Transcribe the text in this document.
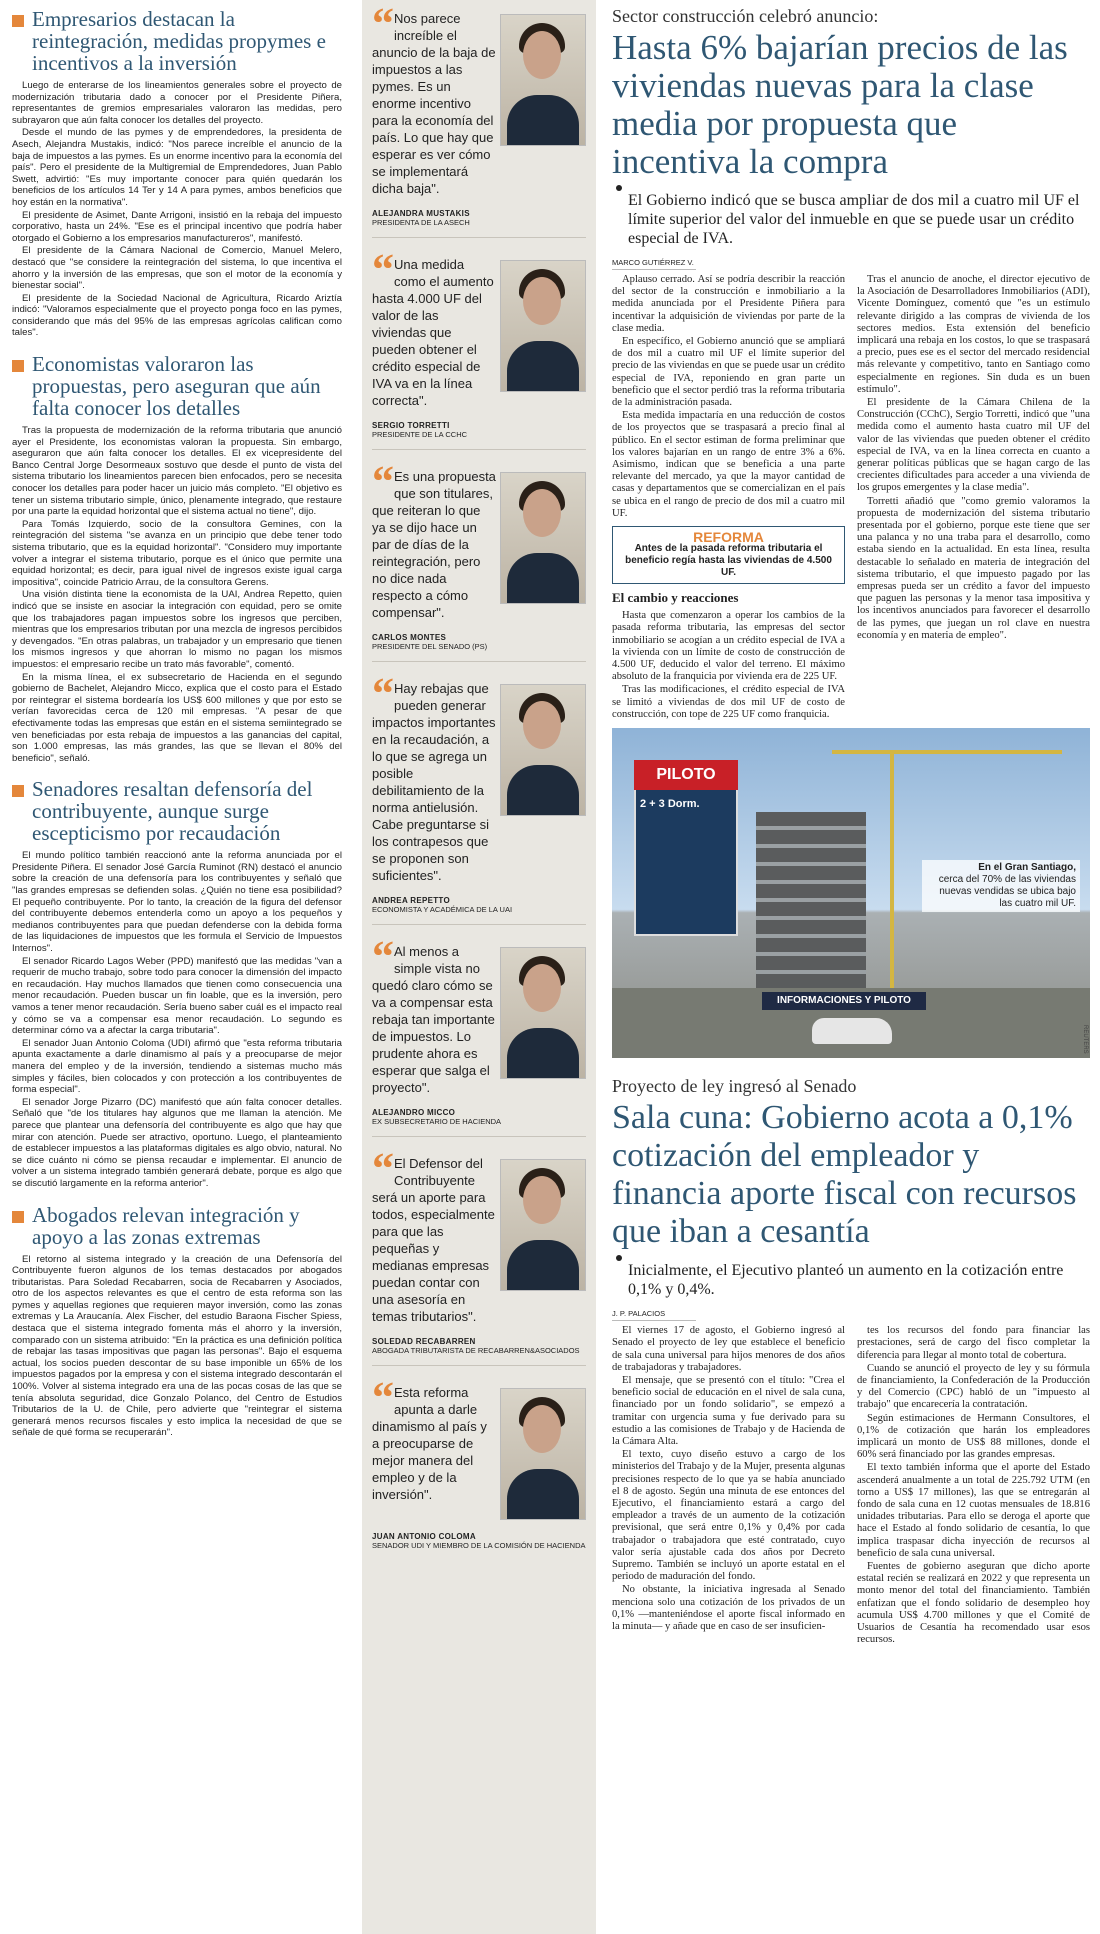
Empresarios destacan la reintegración, medidas propymes e incentivos a la inversión

Luego de enterarse de los lineamientos generales sobre el proyecto de modernización tributaria dado a conocer por el Presidente Piñera, representantes de gremios empresariales valoraron las medidas, pero subrayaron que aún falta conocer los detalles del proyecto.

Desde el mundo de las pymes y de emprendedores, la presidenta de Asech, Alejandra Mustakis, indicó: "Nos parece increíble el anuncio de la baja de impuestos a las pymes. Es un enorme incentivo para la economía del país". Pero el presidente de la Multigremial de Emprendedores, Juan Pablo Swett, advirtió: "Es muy importante conocer para quién quedarán los beneficios de los artículos 14 Ter y 14 A para pymes, ambos beneficios que hoy están en la normativa".

El presidente de Asimet, Dante Arrigoni, insistió en la rebaja del impuesto corporativo, hasta un 24%. "Ese es el principal incentivo que podría haber otorgado el Gobierno a los empresarios manufactureros", manifestó.

El presidente de la Cámara Nacional de Comercio, Manuel Melero, destacó que "se considere la reintegración del sistema, lo que incentiva el ahorro y la inversión de las empresas, que son el motor de la economía y bienestar social".

El presidente de la Sociedad Nacional de Agricultura, Ricardo Ariztía indicó: "Valoramos especialmente que el proyecto ponga foco en las pymes, considerando que más del 95% de las empresas agrícolas califican como tales".

Economistas valoraron las propuestas, pero aseguran que aún falta conocer los detalles

Tras la propuesta de modernización de la reforma tributaria que anunció ayer el Presidente, los economistas valoran la propuesta. Sin embargo, aseguraron que aún falta conocer los detalles. El ex vicepresidente del Banco Central Jorge Desormeaux sostuvo que desde el punto de vista del sistema tributario los lineamientos parecen bien enfocados, pero se necesita conocer los detalles para poder hacer un juicio más completo. "El objetivo es tener un sistema tributario simple, único, plenamente integrado, que restaure por una parte la equidad horizontal que el sistema actual no tiene", dijo.

Para Tomás Izquierdo, socio de la consultora Gemines, con la reintegración del sistema "se avanza en un principio que debe tener todo sistema tributario, que es la equidad horizontal". "Considero muy importante volver a integrar el sistema tributario, porque es el único que permite una equidad horizontal; es decir, para igual nivel de ingresos existe igual carga impositiva", coincide Patricio Arrau, de la consultora Gerens.

Una visión distinta tiene la economista de la UAI, Andrea Repetto, quien indicó que se insiste en asociar la integración con equidad, pero se omite que los trabajadores pagan impuestos sobre los ingresos que perciben, mientras que los empresarios tributan por una mezcla de ingresos percibidos y devengados. "En otras palabras, un trabajador y un empresario que tienen los mismos ingresos y que ahorran lo mismo no pagan los mismos impuestos: el empresario recibe un trato más favorable", comentó.

En la misma línea, el ex subsecretario de Hacienda en el segundo gobierno de Bachelet, Alejandro Micco, explica que el costo para el Estado por reintegrar el sistema bordearía los US$ 600 millones y que por esto se verían favorecidas cerca de 120 mil empresas. "A pesar de que efectivamente todas las empresas que están en el sistema semiintegrado se ven beneficiadas por esta rebaja de impuestos a las ganancias del capital, son 1.000 empresas, las más grandes, las que se llevan el 80% del beneficio", señaló.

Senadores resaltan defensoría del contribuyente, aunque surge escepticismo por recaudación

El mundo político también reaccionó ante la reforma anunciada por el Presidente Piñera. El senador José García Ruminot (RN) destacó el anuncio sobre la creación de una defensoría para los contribuyentes y señaló que "las grandes empresas se defienden solas. ¿Quién no tiene esa posibilidad? El pequeño contribuyente. Por lo tanto, la creación de la figura del defensor del contribuyente debemos entenderla como un apoyo a los pequeños y medianos contribuyentes para que puedan defenderse con la debida forma de las liquidaciones de impuestos que les formula el Servicio de Impuestos Internos".

El senador Ricardo Lagos Weber (PPD) manifestó que las medidas "van a requerir de mucho trabajo, sobre todo para conocer la dimensión del impacto en recaudación. Hay muchos llamados que tienen como consecuencia una menor recaudación. Pueden buscar un fin loable, que es la inversión, pero vamos a tener menor recaudación. Sería bueno saber cuál es el impacto real y cómo se va a compensar esa menor recaudación. Lo segundo es determinar cómo va a afectar la carga tributaria".

El senador Juan Antonio Coloma (UDI) afirmó que "esta reforma tributaria apunta exactamente a darle dinamismo al país y a preocuparse de mejor manera del empleo y de la inversión, tendiendo a sistemas mucho más simples y fáciles, bien colocados y con protección a los contribuyentes de forma especial".

El senador Jorge Pizarro (DC) manifestó que aún falta conocer detalles. Señaló que "de los titulares hay algunos que me llaman la atención. Me parece que plantear una defensoría del contribuyente es algo que hay que mirar con atención. Puede ser atractivo, oportuno. Luego, el planteamiento de establecer impuestos a las plataformas digitales es algo obvio, natural. No se dice cuánto ni cómo se piensa recaudar e implementar. El anuncio de volver a un sistema integrado también generará debate, porque es algo que se discutió largamente en la reforma anterior".

Abogados relevan integración y apoyo a las zonas extremas

El retorno al sistema integrado y la creación de una Defensoría del Contribuyente fueron algunos de los temas destacados por abogados tributaristas. Para Soledad Recabarren, socia de Recabarren y Asociados, otro de los aspectos relevantes es que el centro de esta reforma son las pymes y aquellas regiones que requieren mayor inversión, como las zonas extremas y La Araucanía. Alex Fischer, del estudio Baraona Fischer Spiess, destaca que el sistema integrado fomenta más el ahorro y la inversión, comparado con un sistema atribuido: "En la práctica es una definición política de rebajar las tasas impositivas que pagan las personas". Bajo el esquema actual, los socios pueden descontar de su base imponible un 65% de los impuestos pagados por la empresa y con el sistema integrado descontarán el 100%. Volver al sistema integrado era una de las pocas cosas de las que se tenía absoluta seguridad, dice Gonzalo Polanco, del Centro de Estudios Tributarios de la U. de Chile, pero advierte que "reintegrar el sistema generará menos recursos fiscales y esto implica la necesidad de que se señale de qué forma se recuperarán".

“ Nos parece increíble el anuncio de la baja de impuestos a las pymes. Es un enorme incentivo para la economía del país. Lo que hay que esperar es ver cómo se implementará dicha baja".
ALEJANDRA MUSTAKIS
PRESIDENTA DE LA ASECH
“ Una medida como el aumento hasta 4.000 UF del valor de las viviendas que pueden obtener el crédito especial de IVA va en la línea correcta".
SERGIO TORRETTI
PRESIDENTE DE LA CCHC
“ Es una propuesta que son titulares, que reiteran lo que ya se dijo hace un par de días de la reintegración, pero no dice nada respecto a cómo compensar".
CARLOS MONTES
PRESIDENTE DEL SENADO (PS)
“ Hay rebajas que pueden generar impactos importantes en la recaudación, a lo que se agrega un posible debilitamiento de la norma antielusión. Cabe preguntarse si los contrapesos que se proponen son suficientes".
ANDREA REPETTO
ECONOMISTA Y ACADÉMICA DE LA UAI
“ Al menos a simple vista no quedó claro cómo se va a compensar esta rebaja tan importante de impuestos. Lo prudente ahora es esperar que salga el proyecto".
ALEJANDRO MICCO
EX SUBSECRETARIO DE HACIENDA
“ El Defensor del Contribuyente será un aporte para todos, especialmente para que las pequeñas y medianas empresas puedan contar con una asesoría en temas tributarios".
SOLEDAD RECABARREN
ABOGADA TRIBUTARISTA DE RECABARREN&ASOCIADOS
“ Esta reforma apunta a darle dinamismo al país y a preocuparse de mejor manera del empleo y de la inversión".
JUAN ANTONIO COLOMA
SENADOR UDI Y MIEMBRO DE LA COMISIÓN DE HACIENDA
Sector construcción celebró anuncio:
Hasta 6% bajarían precios de las viviendas nuevas para la clase media por propuesta que incentiva la compra
El Gobierno indicó que se busca ampliar de dos mil a cuatro mil UF el límite superior del valor del inmueble en que se puede usar un crédito especial de IVA.
MARCO GUTIÉRREZ V.

Aplauso cerrado. Así se podría describir la reacción del sector de la construcción e inmobiliario a la medida anunciada por el Presidente Piñera para incentivar la adquisición de viviendas por parte de la clase media.

En específico, el Gobierno anunció que se ampliará de dos mil a cuatro mil UF el límite superior del precio de las viviendas en que se puede usar un crédito especial de IVA, reponiendo en gran parte un beneficio que el sector perdió tras la reforma tributaria de la administración pasada.

Esta medida impactaría en una reducción de costos de los proyectos que se traspasará a precio final al público. En el sector estiman de forma preliminar que los valores bajarían en un rango de entre 3% a 6%. Asimismo, indican que se beneficia a una parte relevante del mercado, ya que la mayor cantidad de casas y departamentos que se comercializan en el país se ubica en el rango de precio de dos mil a cuatro mil UF.

REFORMA
Antes de la pasada reforma tributaria el beneficio regía hasta las viviendas de 4.500 UF.
El cambio y reacciones

Hasta que comenzaron a operar los cambios de la pasada reforma tributaria, las empresas del sector inmobiliario se acogían a un crédito especial de IVA a la vivienda con un límite de costo de construcción de 4.500 UF, deducido el valor del terreno. El máximo absoluto de la franquicia por vivienda era de 225 UF.

Tras las modificaciones, el crédito especial de IVA se limitó a viviendas de dos mil UF de costo de construcción, con tope de 225 UF como franquicia.

Tras el anuncio de anoche, el director ejecutivo de la Asociación de Desarrolladores Inmobiliarios (ADI), Vicente Domínguez, comentó que "es un estímulo relevante dirigido a las compras de vivienda de los sectores medios. Esta extensión del beneficio implicará una rebaja en los costos, lo que se traspasará a precio, pues ese es el sector del mercado residencial más relevante y competitivo, tanto en Santiago como especialmente en regiones. Sin duda es un buen estímulo".

El presidente de la Cámara Chilena de la Construcción (CChC), Sergio Torretti, indicó que "una medida como el aumento hasta cuatro mil UF del valor de las viviendas que pueden obtener el crédito especial de IVA, va en la línea correcta en cuanto a generar políticas públicas que se hagan cargo de las crecientes dificultades para acceder a una vivienda de los grupos emergentes y la clase media".

Torretti añadió que "como gremio valoramos la propuesta de modernización del sistema tributario presentada por el gobierno, porque este tiene que ser una palanca y no una traba para el desarrollo, como estaba siendo en la actualidad. En esta línea, resulta destacable lo señalado en materia de integración del sistema tributario, el que impuesto pagado por las empresas pueda ser un crédito a favor del impuesto que paguen las personas y la menor tasa impositiva y los incentivos anunciados para favorecer el desarrollo de las pymes, que juegan un rol clave en nuestra economía y en materia de empleo".

PILOTO
2 + 3 Dorm.
INFORMACIONES Y PILOTO
En el Gran Santiago,
cerca del 70% de las viviendas nuevas vendidas se ubica bajo las cuatro mil UF.
REUTERS
Proyecto de ley ingresó al Senado
Sala cuna: Gobierno acota a 0,1% cotización del empleador y financia aporte fiscal con recursos que iban a cesantía
Inicialmente, el Ejecutivo planteó un aumento en la cotización entre 0,1% y 0,4%.
J. P. PALACIOS

El viernes 17 de agosto, el Gobierno ingresó al Senado el proyecto de ley que establece el beneficio de sala cuna universal para hijos menores de dos años de trabajadoras y trabajadores.

El mensaje, que se presentó con el título: "Crea el beneficio social de educación en el nivel de sala cuna, financiado por un fondo solidario", se empezó a tramitar con urgencia suma y fue derivado para su estudio a las comisiones de Trabajo y de Hacienda de la Cámara Alta.

El texto, cuyo diseño estuvo a cargo de los ministerios del Trabajo y de la Mujer, presenta algunas precisiones respecto de lo que ya se había anunciado el 8 de agosto. Según una minuta de ese entonces del Ejecutivo, el financiamiento estará a cargo del empleador a través de un aumento de la cotización previsional, que será entre 0,1% y 0,4% por cada trabajador o trabajadora que esté contratado, cuyo valor sería ajustable cada dos años por Decreto Supremo. También se incluyó un aporte estatal en el periodo de maduración del fondo.

No obstante, la iniciativa ingresada al Senado menciona solo una cotización de los privados de un 0,1% —manteniéndose el aporte fiscal informado en la minuta— y añade que en caso de ser insuficien-

tes los recursos del fondo para financiar las prestaciones, será de cargo del fisco completar la diferencia para llegar al monto total de cobertura.

Cuando se anunció el proyecto de ley y su fórmula de financiamiento, la Confederación de la Producción y del Comercio (CPC) habló de un "impuesto al trabajo" que encarecería la contratación.

Según estimaciones de Hermann Consultores, el 0,1% de cotización que harán los empleadores implicará un monto de US$ 88 millones, donde el 60% será financiado por las grandes empresas.

El texto también informa que el aporte del Estado ascenderá anualmente a un total de 225.792 UTM (en torno a US$ 17 millones), las que se entregarán al fondo de sala cuna en 12 cuotas mensuales de 18.816 unidades tributarias. Para ello se deroga el aporte que hace el Estado al fondo solidario de cesantía, lo que implica traspasar dicha inyección de recursos al beneficio de sala cuna universal.

Fuentes de gobierno aseguran que dicho aporte estatal recién se realizará en 2022 y que representa un monto menor del total del financiamiento. También enfatizan que el fondo solidario de desempleo hoy acumula US$ 4.700 millones y que el Comité de Usuarios de Cesantía ha recomendado usar esos recursos.
